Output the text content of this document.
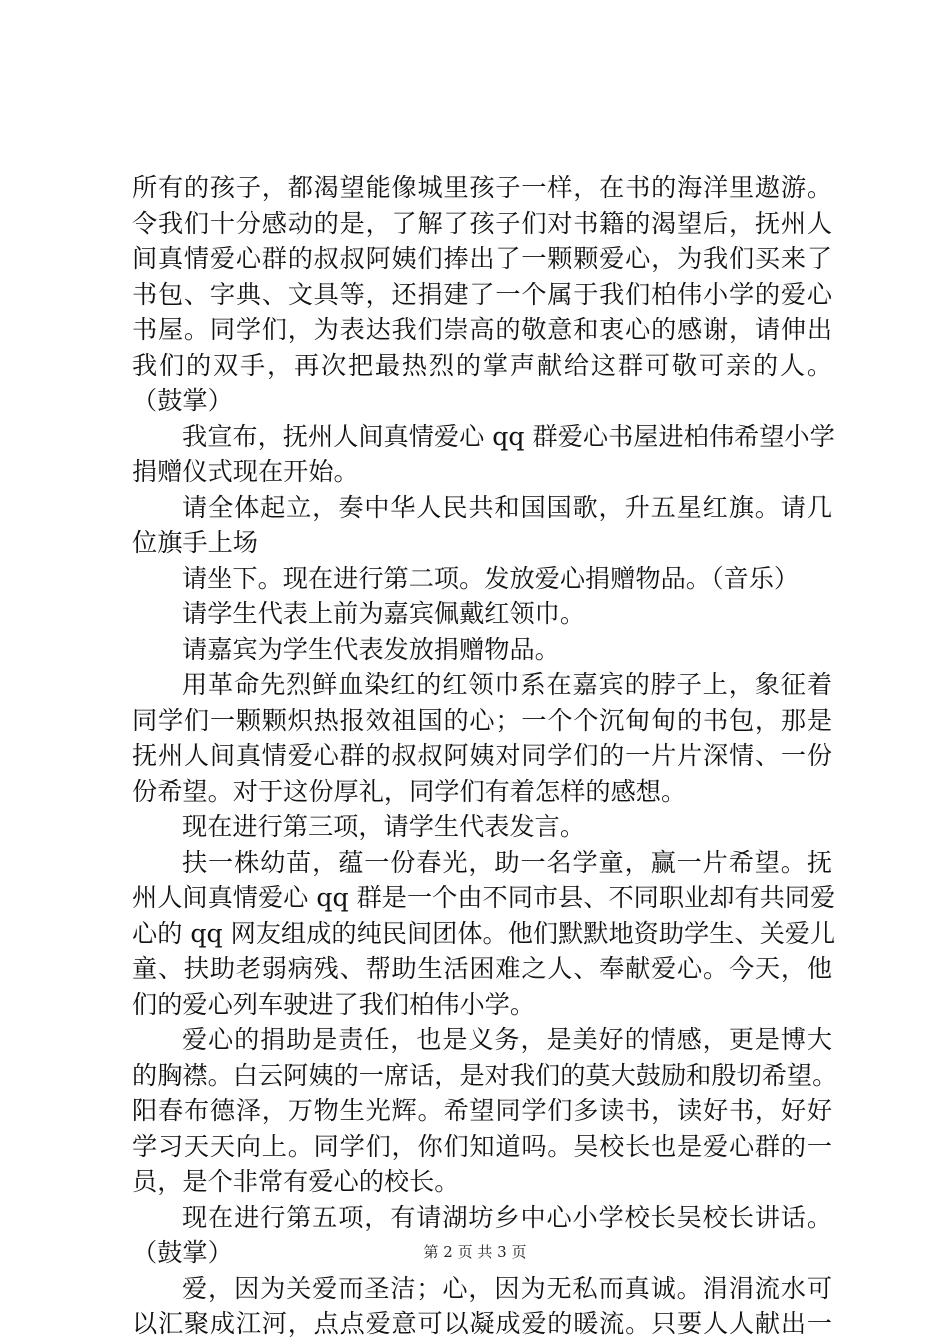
所有的孩子，都渴望能像城里孩子一样，在书的海洋里遨游。
令我们十分感动的是，了解了孩子们对书籍的渴望后，抚州人
间真情爱心群的叔叔阿姨们捧出了一颗颗爱心，为我们买来了
书包、字典、文具等，还捐建了一个属于我们柏伟小学的爱心
书屋。同学们，为表达我们崇高的敬意和衷心的感谢，请伸出
我们的双手，再次把最热烈的掌声献给这群可敬可亲的人。
（鼓掌）
我宣布，抚州人间真情爱心 qq 群爱心书屋进柏伟希望小学
捐赠仪式现在开始。
请全体起立，奏中华人民共和国国歌，升五星红旗。请几
位旗手上场
请坐下。现在进行第二项。发放爱心捐赠物品。（音乐）
请学生代表上前为嘉宾佩戴红领巾。
请嘉宾为学生代表发放捐赠物品。
用革命先烈鲜血染红的红领巾系在嘉宾的脖子上，象征着
同学们一颗颗炽热报效祖国的心；一个个沉甸甸的书包，那是
抚州人间真情爱心群的叔叔阿姨对同学们的一片片深情、一份
份希望。对于这份厚礼，同学们有着怎样的感想。
现在进行第三项，请学生代表发言。
扶一株幼苗，蕴一份春光，助一名学童，赢一片希望。抚
州人间真情爱心 qq 群是一个由不同市县、不同职业却有共同爱
心的 qq 网友组成的纯民间团体。他们默默地资助学生、关爱儿
童、扶助老弱病残、帮助生活困难之人、奉献爱心。今天，他
们的爱心列车驶进了我们柏伟小学。
爱心的捐助是责任，也是义务，是美好的情感，更是博大
的胸襟。白云阿姨的一席话，是对我们的莫大鼓励和殷切希望。
阳春布德泽，万物生光辉。希望同学们多读书，读好书，好好
学习天天向上。同学们，你们知道吗。吴校长也是爱心群的一
员，是个非常有爱心的校长。
现在进行第五项，有请湖坊乡中心小学校长吴校长讲话。
（鼓掌）
爱，因为关爱而圣洁；心，因为无私而真诚。涓涓流水可
以汇聚成江河，点点爱意可以凝成爱的暖流。只要人人献出一
第 2 页 共 3 页
